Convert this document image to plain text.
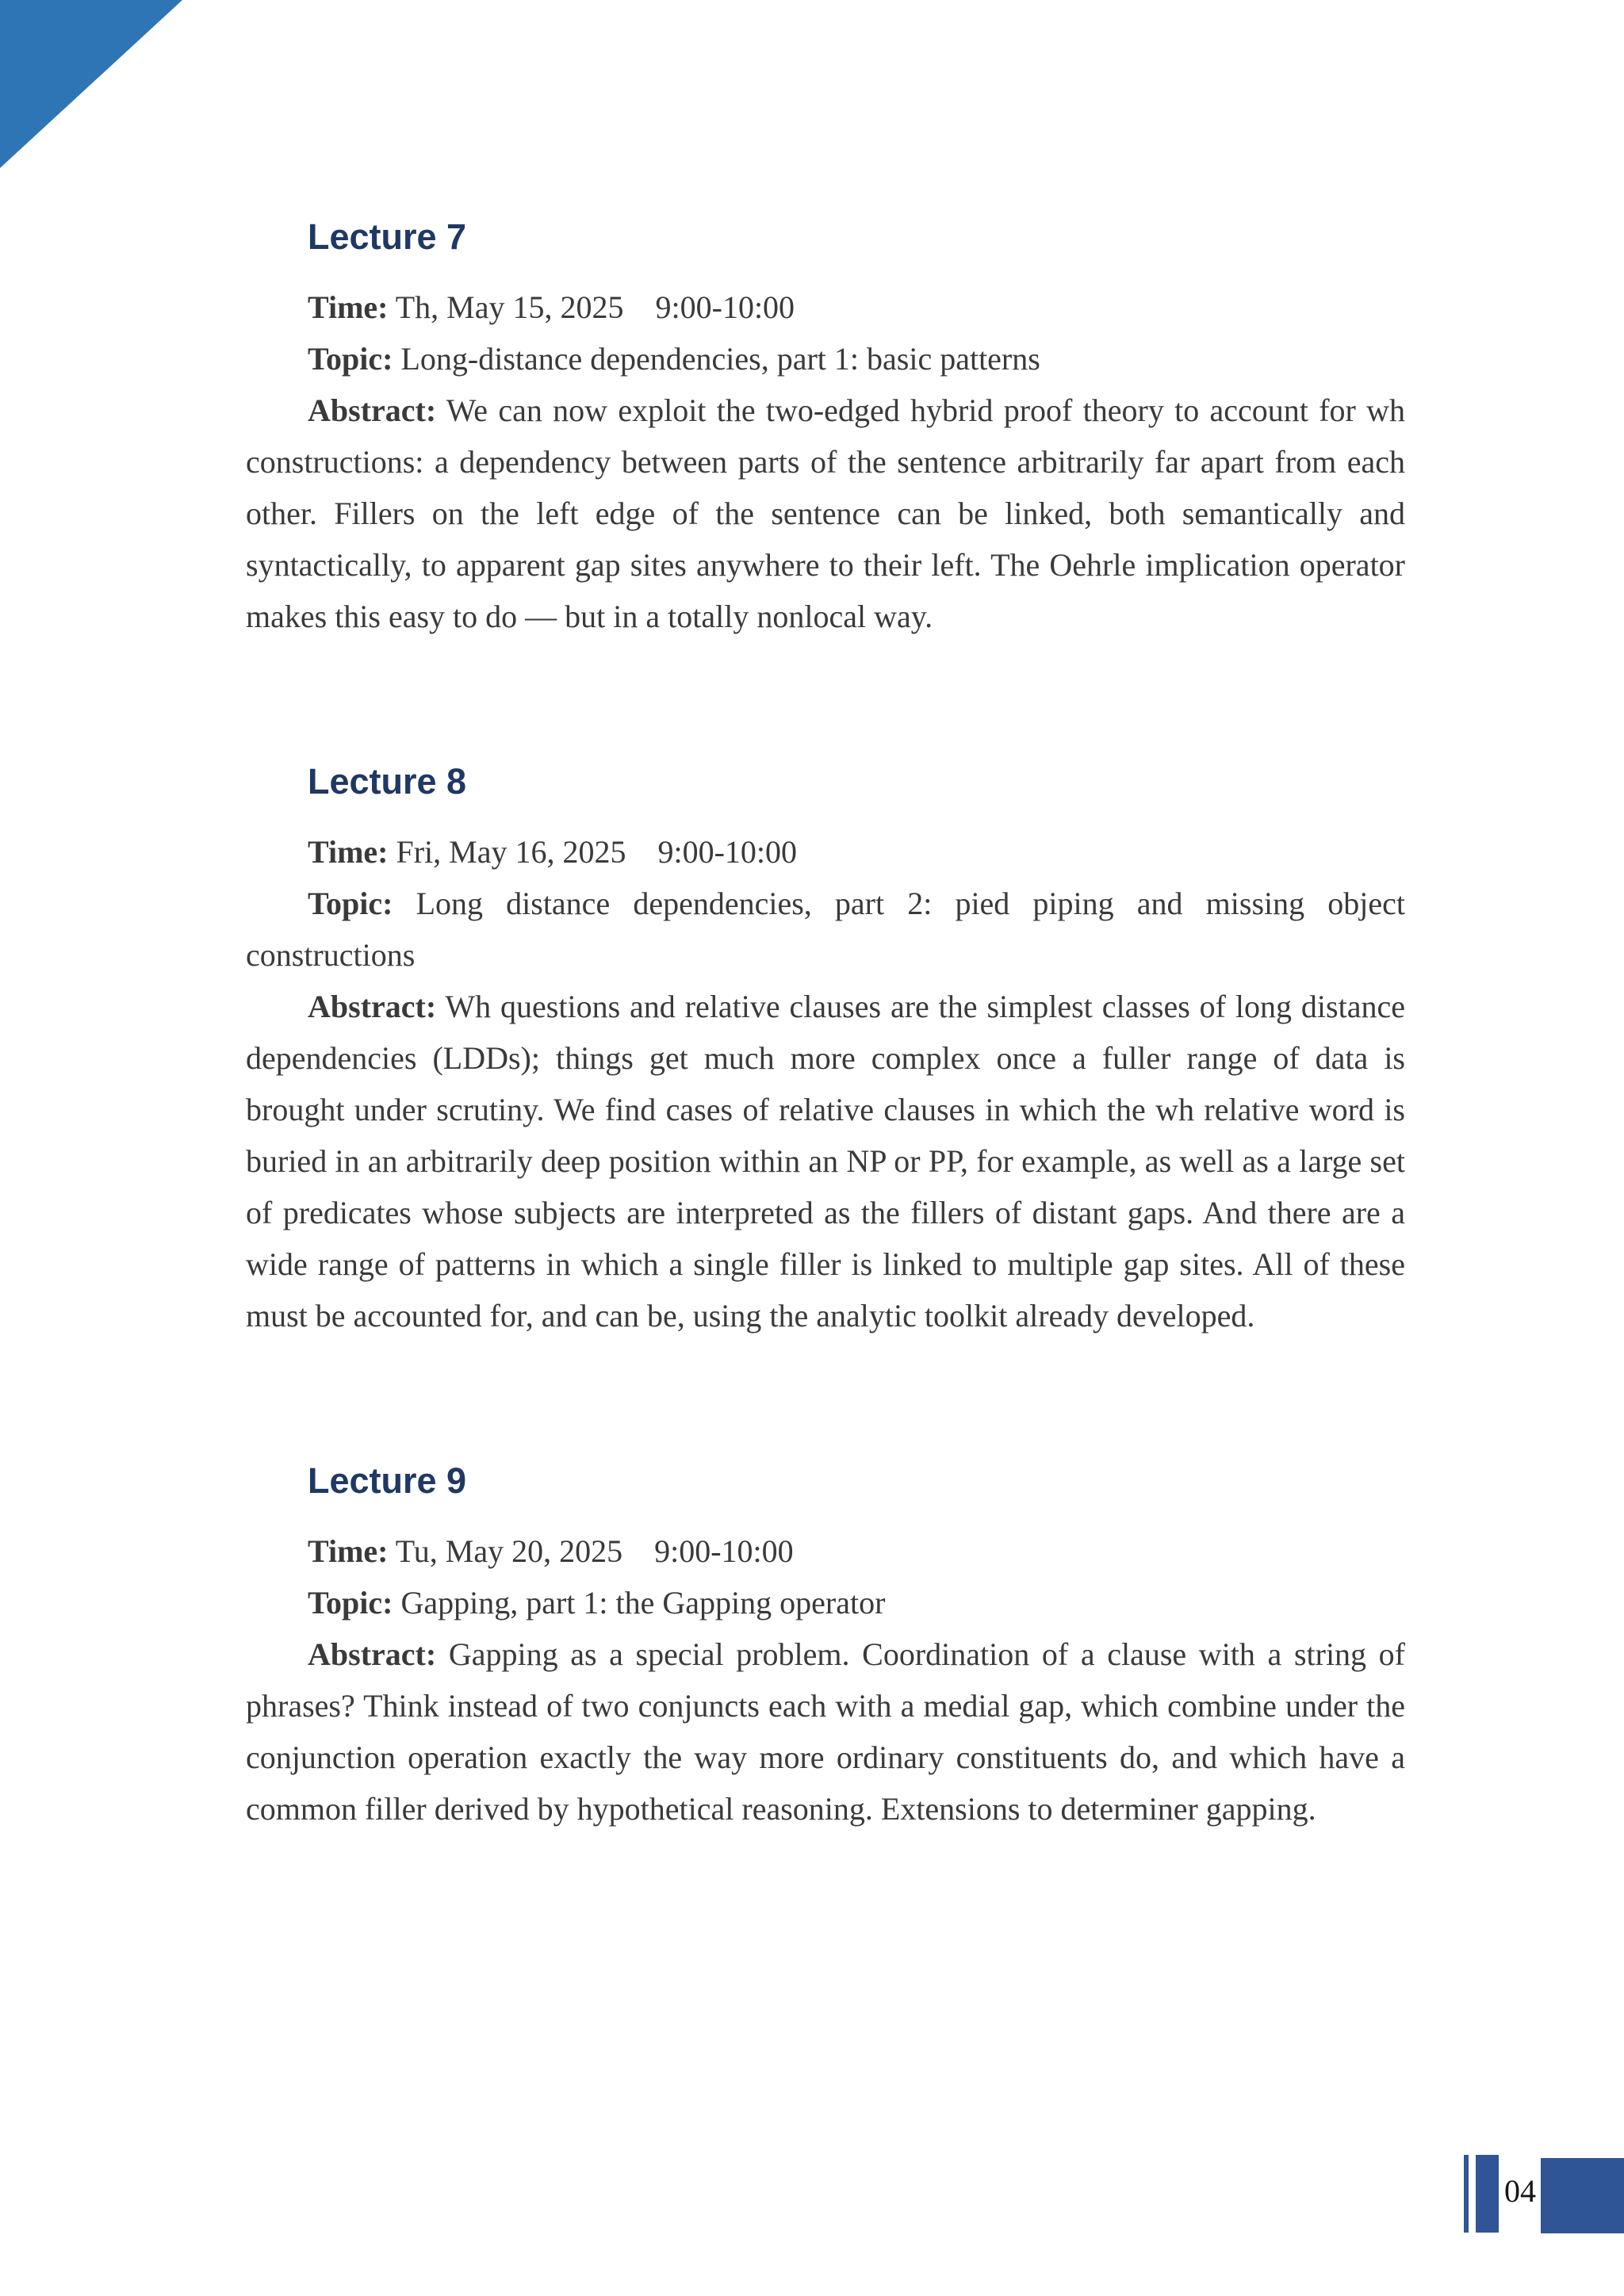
Lecture 7

Time: Th, May 15, 2025    9:00-10:00

Topic: Long-distance dependencies, part 1: basic patterns

Abstract: We can now exploit the two-edged hybrid proof theory to account for wh constructions: a dependency between parts of the sentence arbitrarily far apart from each other. Fillers on the left edge of the sentence can be linked, both semantically and syntactically, to apparent gap sites anywhere to their left. The Oehrle implication operator makes this easy to do — but in a totally nonlocal way.

Lecture 8

Time: Fri, May 16, 2025    9:00-10:00

Topic: Long distance dependencies, part 2: pied piping and missing object constructions

Abstract: Wh questions and relative clauses are the simplest classes of long distance dependencies (LDDs); things get much more complex once a fuller range of data is brought under scrutiny. We find cases of relative clauses in which the wh relative word is buried in an arbitrarily deep position within an NP or PP, for example, as well as a large set of predicates whose subjects are interpreted as the fillers of distant gaps. And there are a wide range of patterns in which a single filler is linked to multiple gap sites. All of these must be accounted for, and can be, using the analytic toolkit already developed.

Lecture 9

Time: Tu, May 20, 2025    9:00-10:00

Topic: Gapping, part 1: the Gapping operator

Abstract: Gapping as a special problem. Coordination of a clause with a string of phrases? Think instead of two conjuncts each with a medial gap, which combine under the conjunction operation exactly the way more ordinary constituents do, and which have a common filler derived by hypothetical reasoning. Extensions to determiner gapping.

04
